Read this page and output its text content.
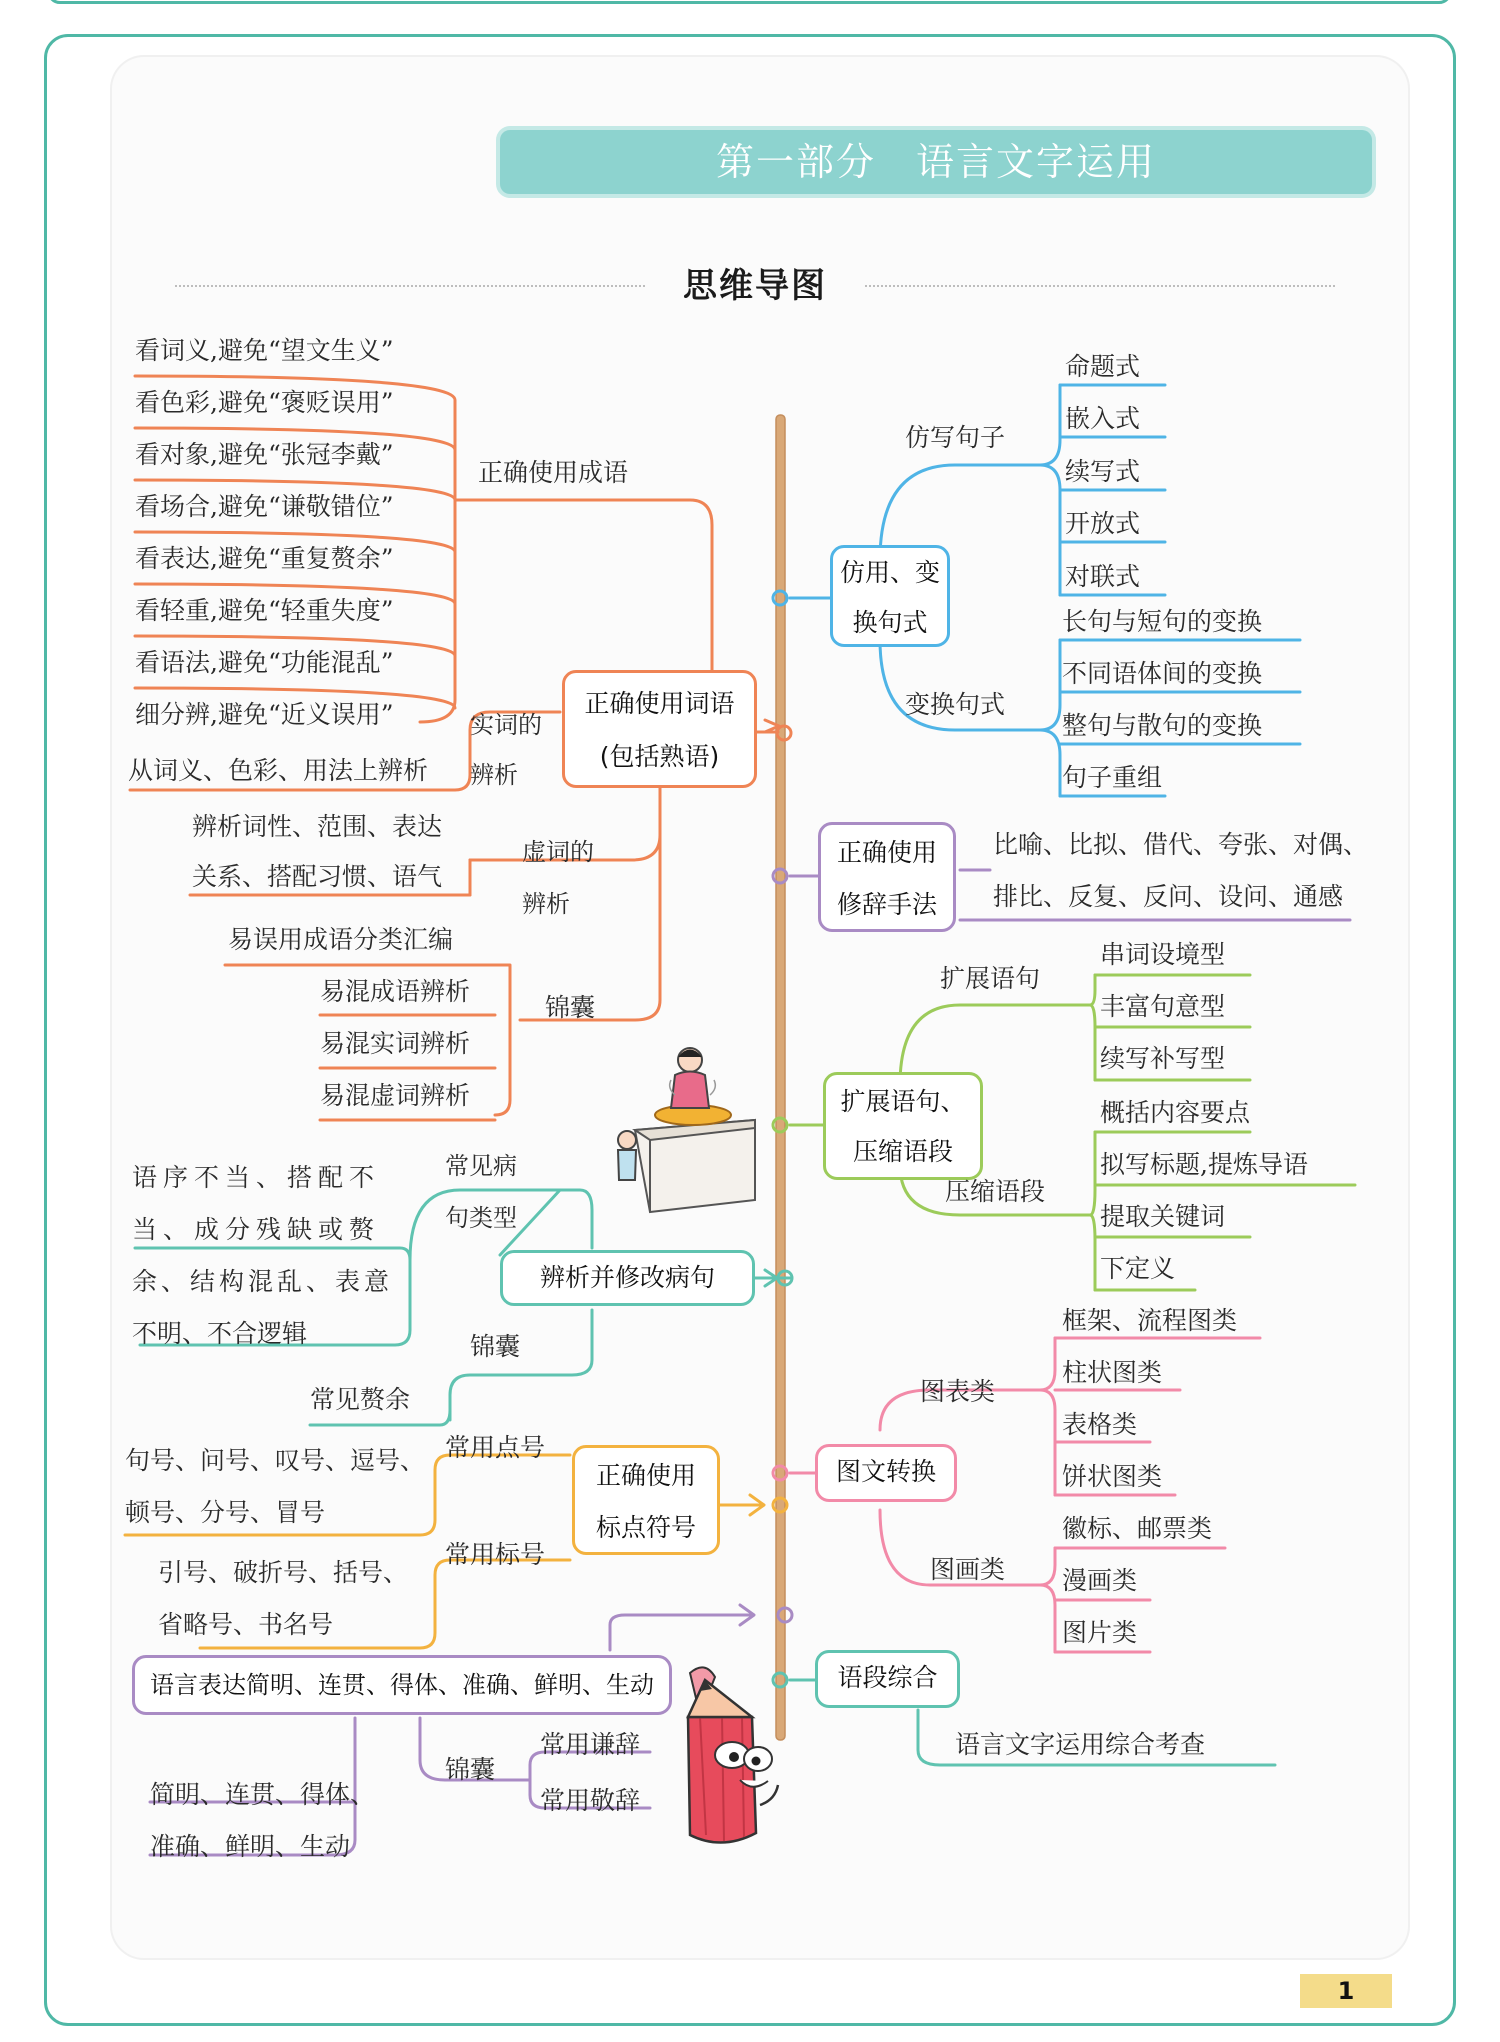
第一部分　语言文字运用
思维导图
看词义,避免“望文生义”
看色彩,避免“褒贬误用”
看对象,避免“张冠李戴”
看场合,避免“谦敬错位”
看表达,避免“重复赘余”
看轻重,避免“轻重失度”
看语法,避免“功能混乱”
细分辨,避免“近义误用”
正确使用成语
从词义、色彩、用法上辨析
实词的
辨析
正确使用词语
(包括熟语)
辨析词性、范围、表达
关系、搭配习惯、语气
虚词的
辨析
易误用成语分类汇编
易混成语辨析
易混实词辨析
易混虚词辨析
锦囊
常见病
句类型
语序不当、搭配不
当、成分残缺或赘
余、结构混乱、表意
不明、不合逻辑
辨析并修改病句
锦囊
常见赘余
常用点号
句号、问号、叹号、逗号、
顿号、分号、冒号
正确使用
标点符号
常用标号
引号、破折号、括号、
省略号、书名号
语言表达简明、连贯、得体、准确、鲜明、生动
锦囊
常用谦辞
常用敬辞
简明、连贯、得体、
准确、鲜明、生动
仿用、变
换句式
仿写句子
命题式
嵌入式
续写式
开放式
对联式
变换句式
长句与短句的变换
不同语体间的变换
整句与散句的变换
句子重组
正确使用
修辞手法
比喻、比拟、借代、夸张、对偶、
排比、反复、反问、设问、通感
扩展语句、
压缩语段
扩展语句
串词设境型
丰富句意型
续写补写型
压缩语段
概括内容要点
拟写标题,提炼导语
提取关键词
下定义
图文转换
图表类
框架、流程图类
柱状图类
表格类
饼状图类
图画类
徽标、邮票类
漫画类
图片类
语段综合
语言文字运用综合考查
1
